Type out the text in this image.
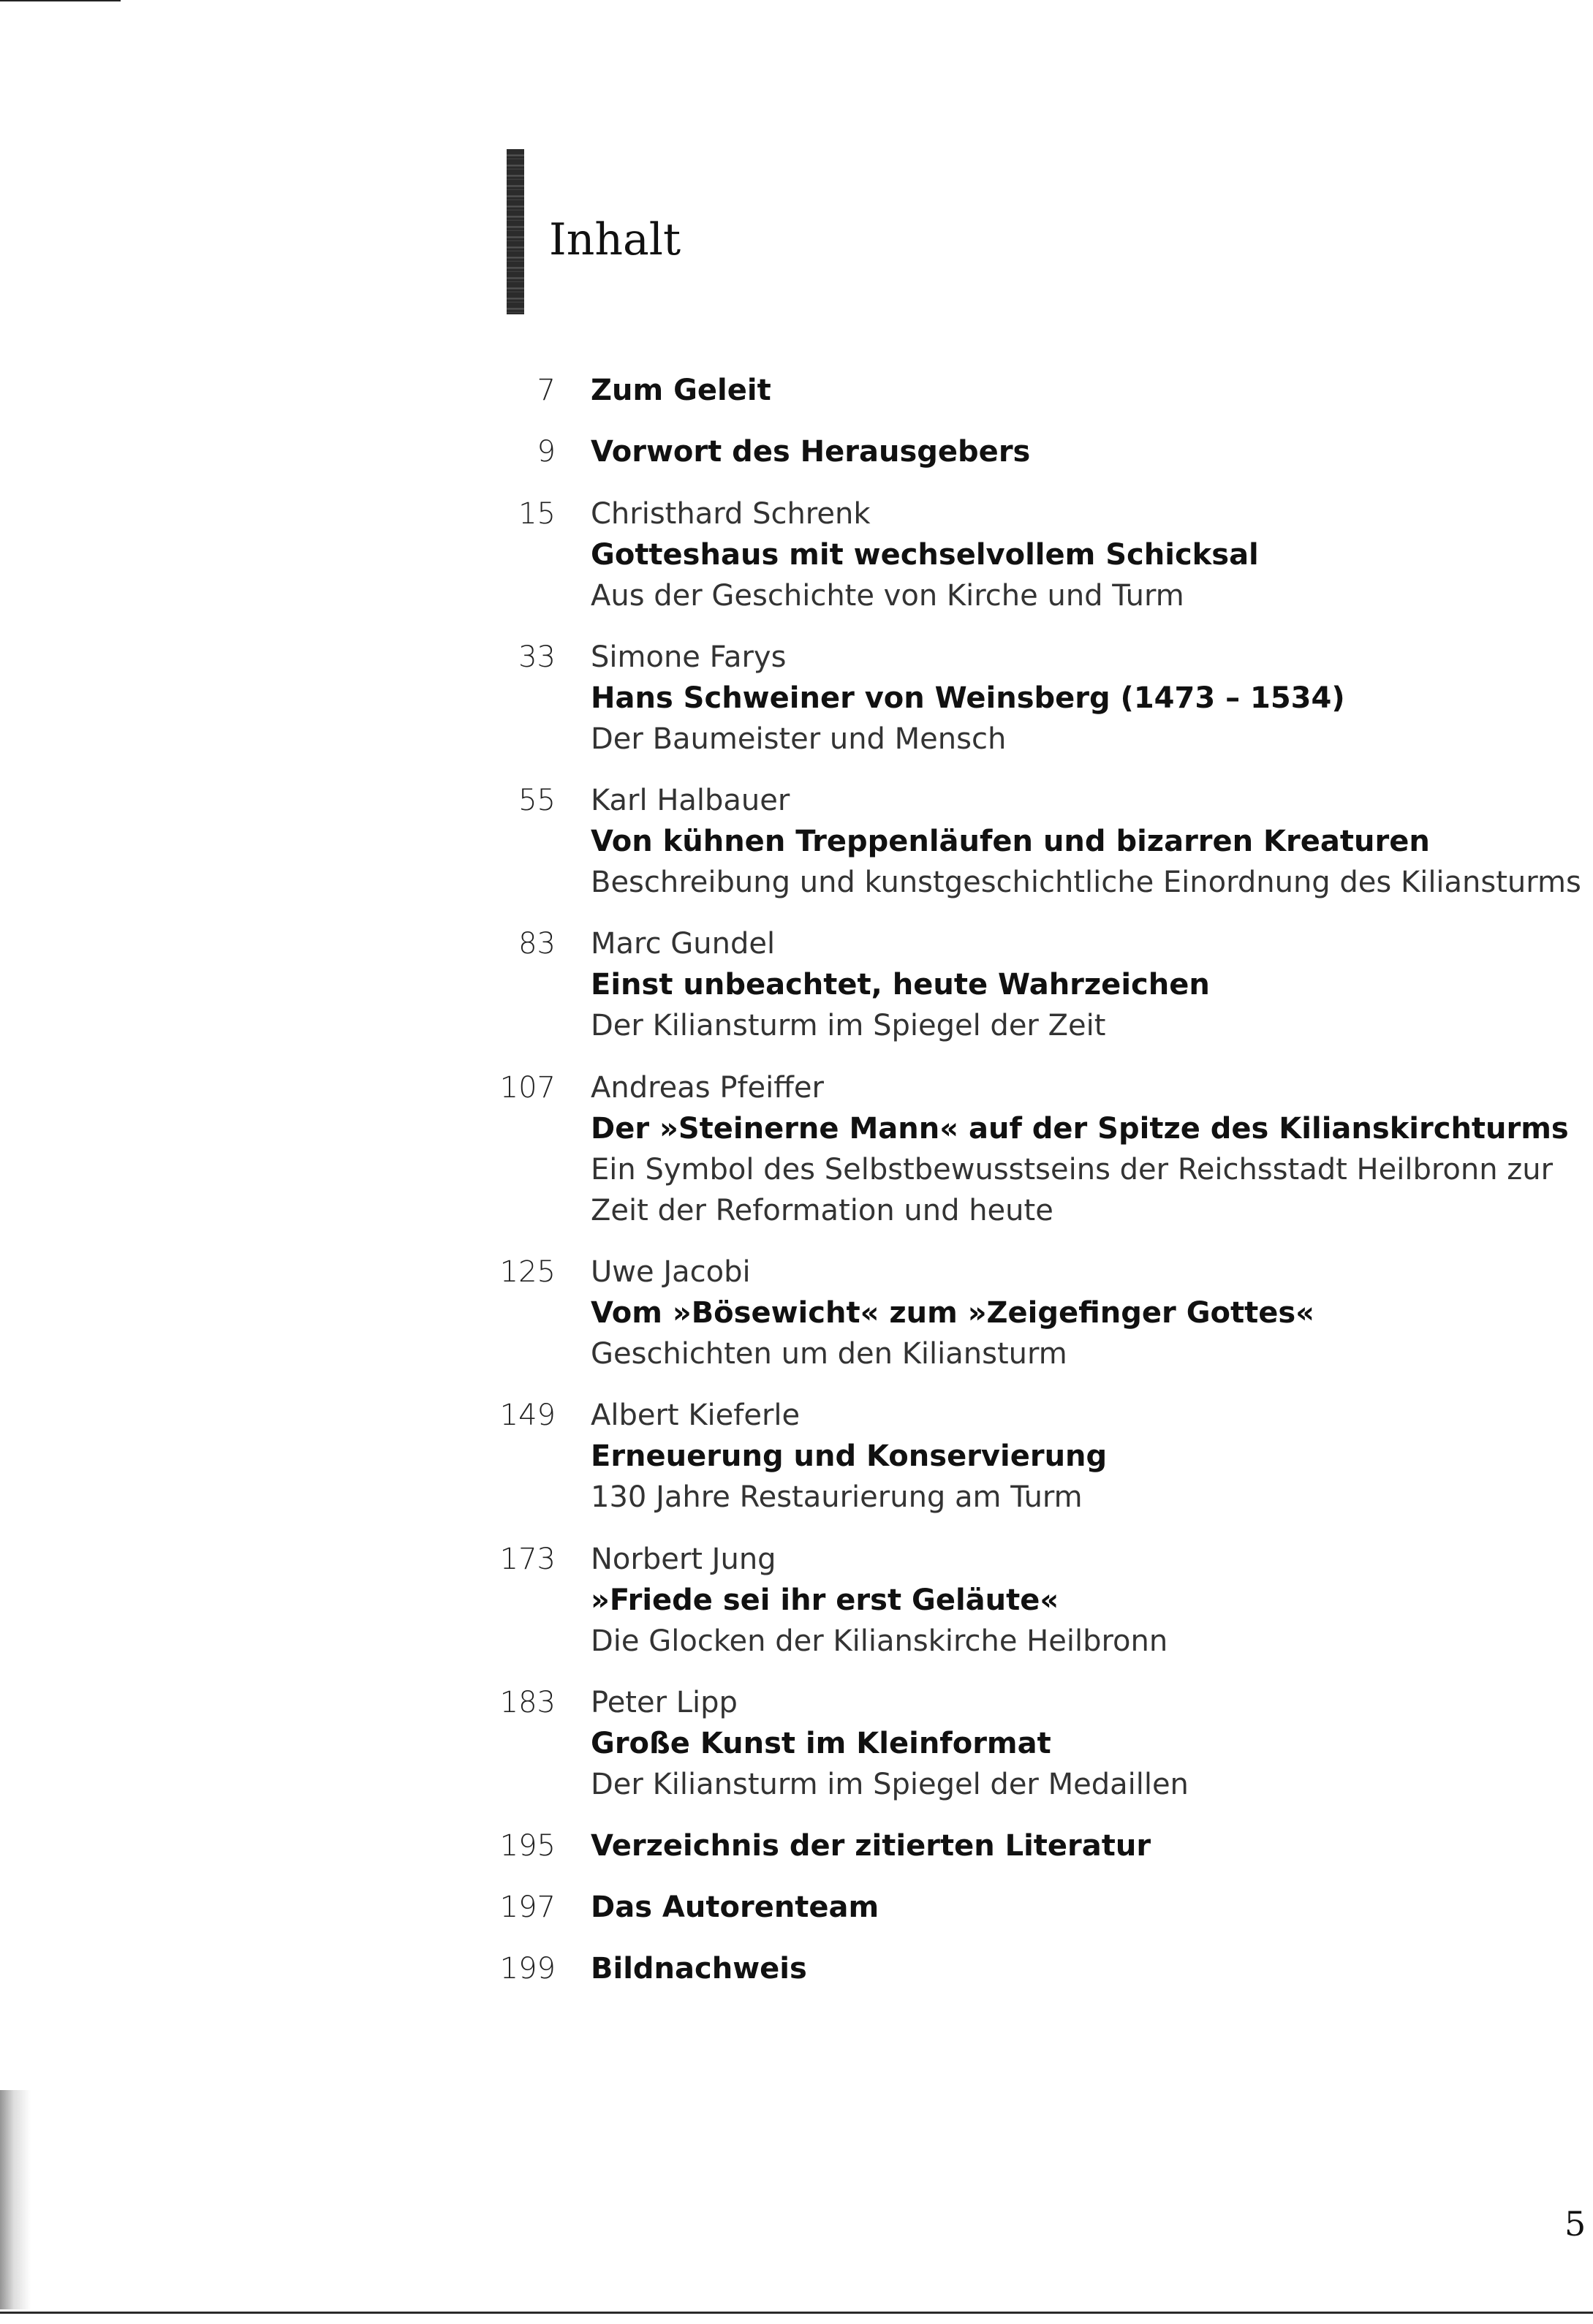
Inhalt
7 Zum Geleit
9 Vorwort des Herausgebers
15 Christhard Schrenk
Gotteshaus mit wechselvollem Schicksal
Aus der Geschichte von Kirche und Turm
33 Simone Farys
Hans Schweiner von Weinsberg (1473 – 1534)
Der Baumeister und Mensch
55 Karl Halbauer
Von kühnen Treppenläufen und bizarren Kreaturen
Beschreibung und kunstgeschichtliche Einordnung des Kiliansturms
83 Marc Gundel
Einst unbeachtet, heute Wahrzeichen
Der Kiliansturm im Spiegel der Zeit
107 Andreas Pfeiffer
Der »Steinerne Mann« auf der Spitze des Kilianskirchturms
Ein Symbol des Selbstbewusstseins der Reichsstadt Heilbronn zur Zeit der Reformation und heute
125 Uwe Jacobi
Vom »Bösewicht« zum »Zeigefinger Gottes«
Geschichten um den Kiliansturm
149 Albert Kieferle
Erneuerung und Konservierung
130 Jahre Restaurierung am Turm
173 Norbert Jung
»Friede sei ihr erst Geläute«
Die Glocken der Kilianskirche Heilbronn
183 Peter Lipp
Große Kunst im Kleinformat
Der Kiliansturm im Spiegel der Medaillen
195 Verzeichnis der zitierten Literatur
197 Das Autorenteam
199 Bildnachweis
5
